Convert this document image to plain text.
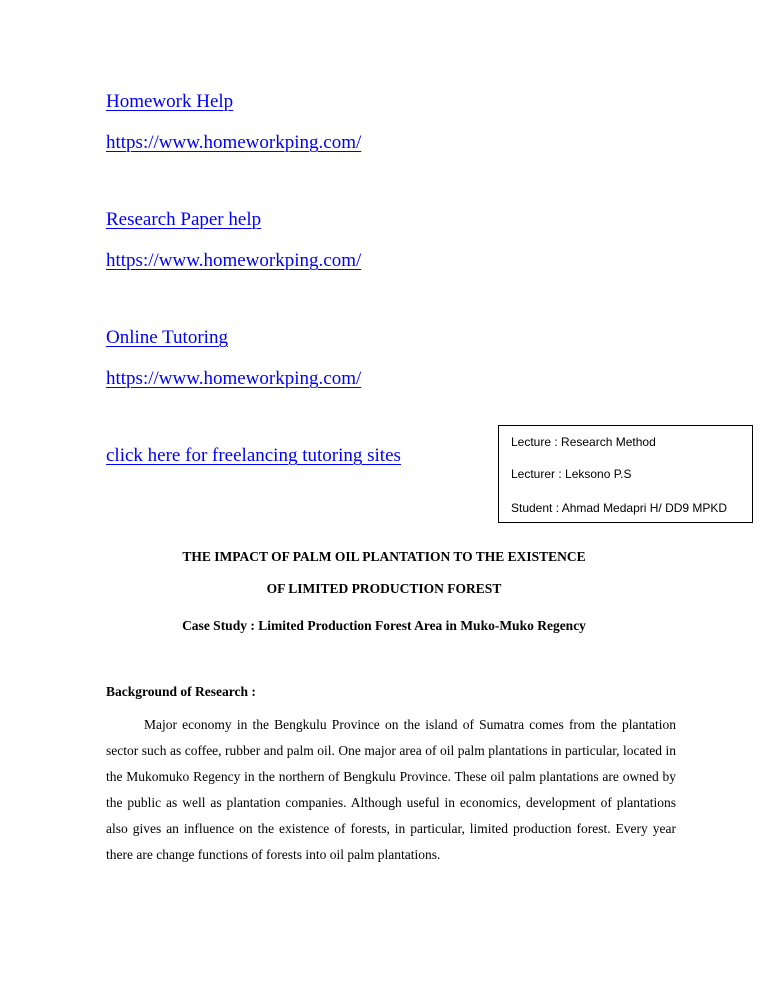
Homework Help
https://www.homeworkping.com/
Research Paper help
https://www.homeworkping.com/
Online Tutoring
https://www.homeworkping.com/
click here for freelancing tutoring sites
Lecture : Research Method
Lecturer : Leksono P.S
Student : Ahmad Medapri H/ DD9 MPKD
THE IMPACT OF PALM OIL PLANTATION TO THE EXISTENCE
OF LIMITED PRODUCTION FOREST
Case Study : Limited Production Forest Area in Muko-Muko Regency
Background of Research :

Major economy in the Bengkulu Province on the island of Sumatra comes from the plantation sector such as coffee, rubber and palm oil. One major area of oil palm plantations in particular, located in the Mukomuko Regency in the northern of Bengkulu Province. These oil palm plantations are owned by the public as well as plantation companies. Although useful in economics, development of plantations also gives an influence on the existence of forests, in particular, limited production forest. Every year there are change functions of forests into oil palm plantations.
